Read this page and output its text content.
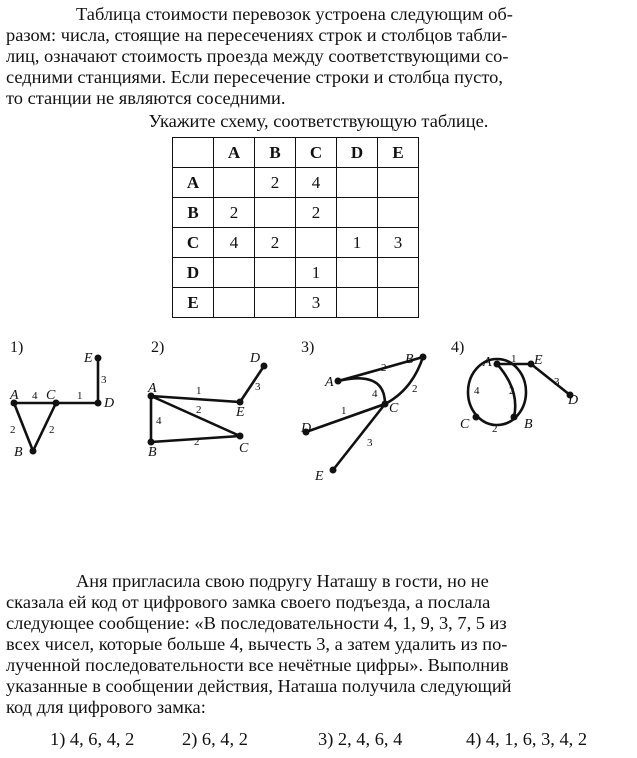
Таблица стоимости перевозок устроена следующим об-

разом: числа, стоящие на пересечениях строк и столбцов табли-

лиц, означают стоимость проезда между соответствующими со-

седними станциями. Если пересечение строки и столбца пусто,

то станции не являются соседними.

Укажите схему, соответствующую таблице.

	A	B	C	D	E
A		2	4		
B	2		2		
C	4	2		1	3
D			1		
E			3		
1)
A
B
C
D
E
4
2	2
1
3
2)
A
B	C
D
E
1	3
2
4
2
3)
A
B
C
D
E
2
4	2
1
3
4)
A
B
C
D
E
1
3
4	2
2

Аня пригласила свою подругу Наташу в гости, но не

сказала ей код от цифрового замка своего подъезда, а послала

следующее сообщение: «В последовательности 4, 1, 9, 3, 7, 5 из

всех чисел, которые больше 4, вычесть 3, а затем удалить из по-

лученной последовательности все нечётные цифры». Выполнив

указанные в сообщении действия, Наташа получила следующий

код для цифрового замка:

1) 4, 6, 4, 2	2) 6, 4, 2	3) 2, 4, 6, 4	4) 4, 1, 6, 3, 4, 2
